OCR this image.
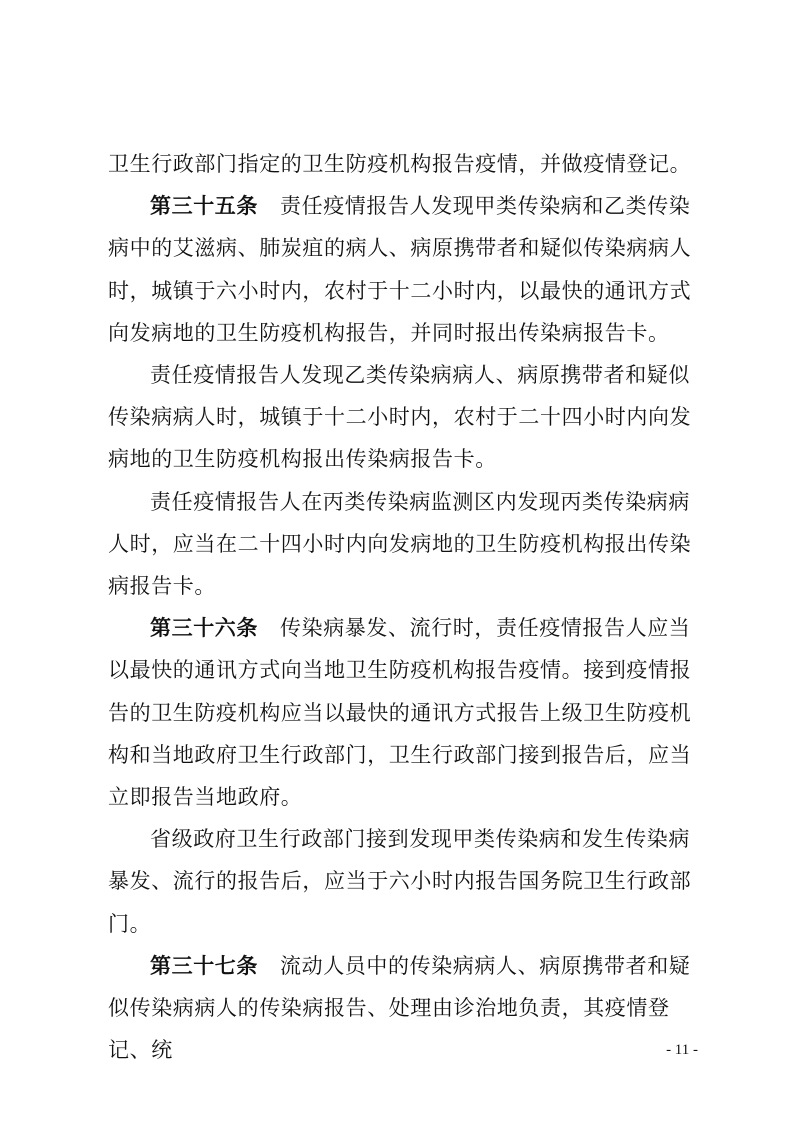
卫生行政部门指定的卫生防疫机构报告疫情，并做疫情登记。

第三十五条 责任疫情报告人发现甲类传染病和乙类传染病中的艾滋病、肺炭疽的病人、病原携带者和疑似传染病病人时，城镇于六小时内，农村于十二小时内，以最快的通讯方式向发病地的卫生防疫机构报告，并同时报出传染病报告卡。

责任疫情报告人发现乙类传染病病人、病原携带者和疑似传染病病人时，城镇于十二小时内，农村于二十四小时内向发病地的卫生防疫机构报出传染病报告卡。

责任疫情报告人在丙类传染病监测区内发现丙类传染病病人时，应当在二十四小时内向发病地的卫生防疫机构报出传染病报告卡。

第三十六条 传染病暴发、流行时，责任疫情报告人应当以最快的通讯方式向当地卫生防疫机构报告疫情。接到疫情报告的卫生防疫机构应当以最快的通讯方式报告上级卫生防疫机构和当地政府卫生行政部门，卫生行政部门接到报告后，应当立即报告当地政府。

省级政府卫生行政部门接到发现甲类传染病和发生传染病暴发、流行的报告后，应当于六小时内报告国务院卫生行政部门。

第三十七条 流动人员中的传染病病人、病原携带者和疑似传染病病人的传染病报告、处理由诊治地负责，其疫情登记、统	- 11 -
